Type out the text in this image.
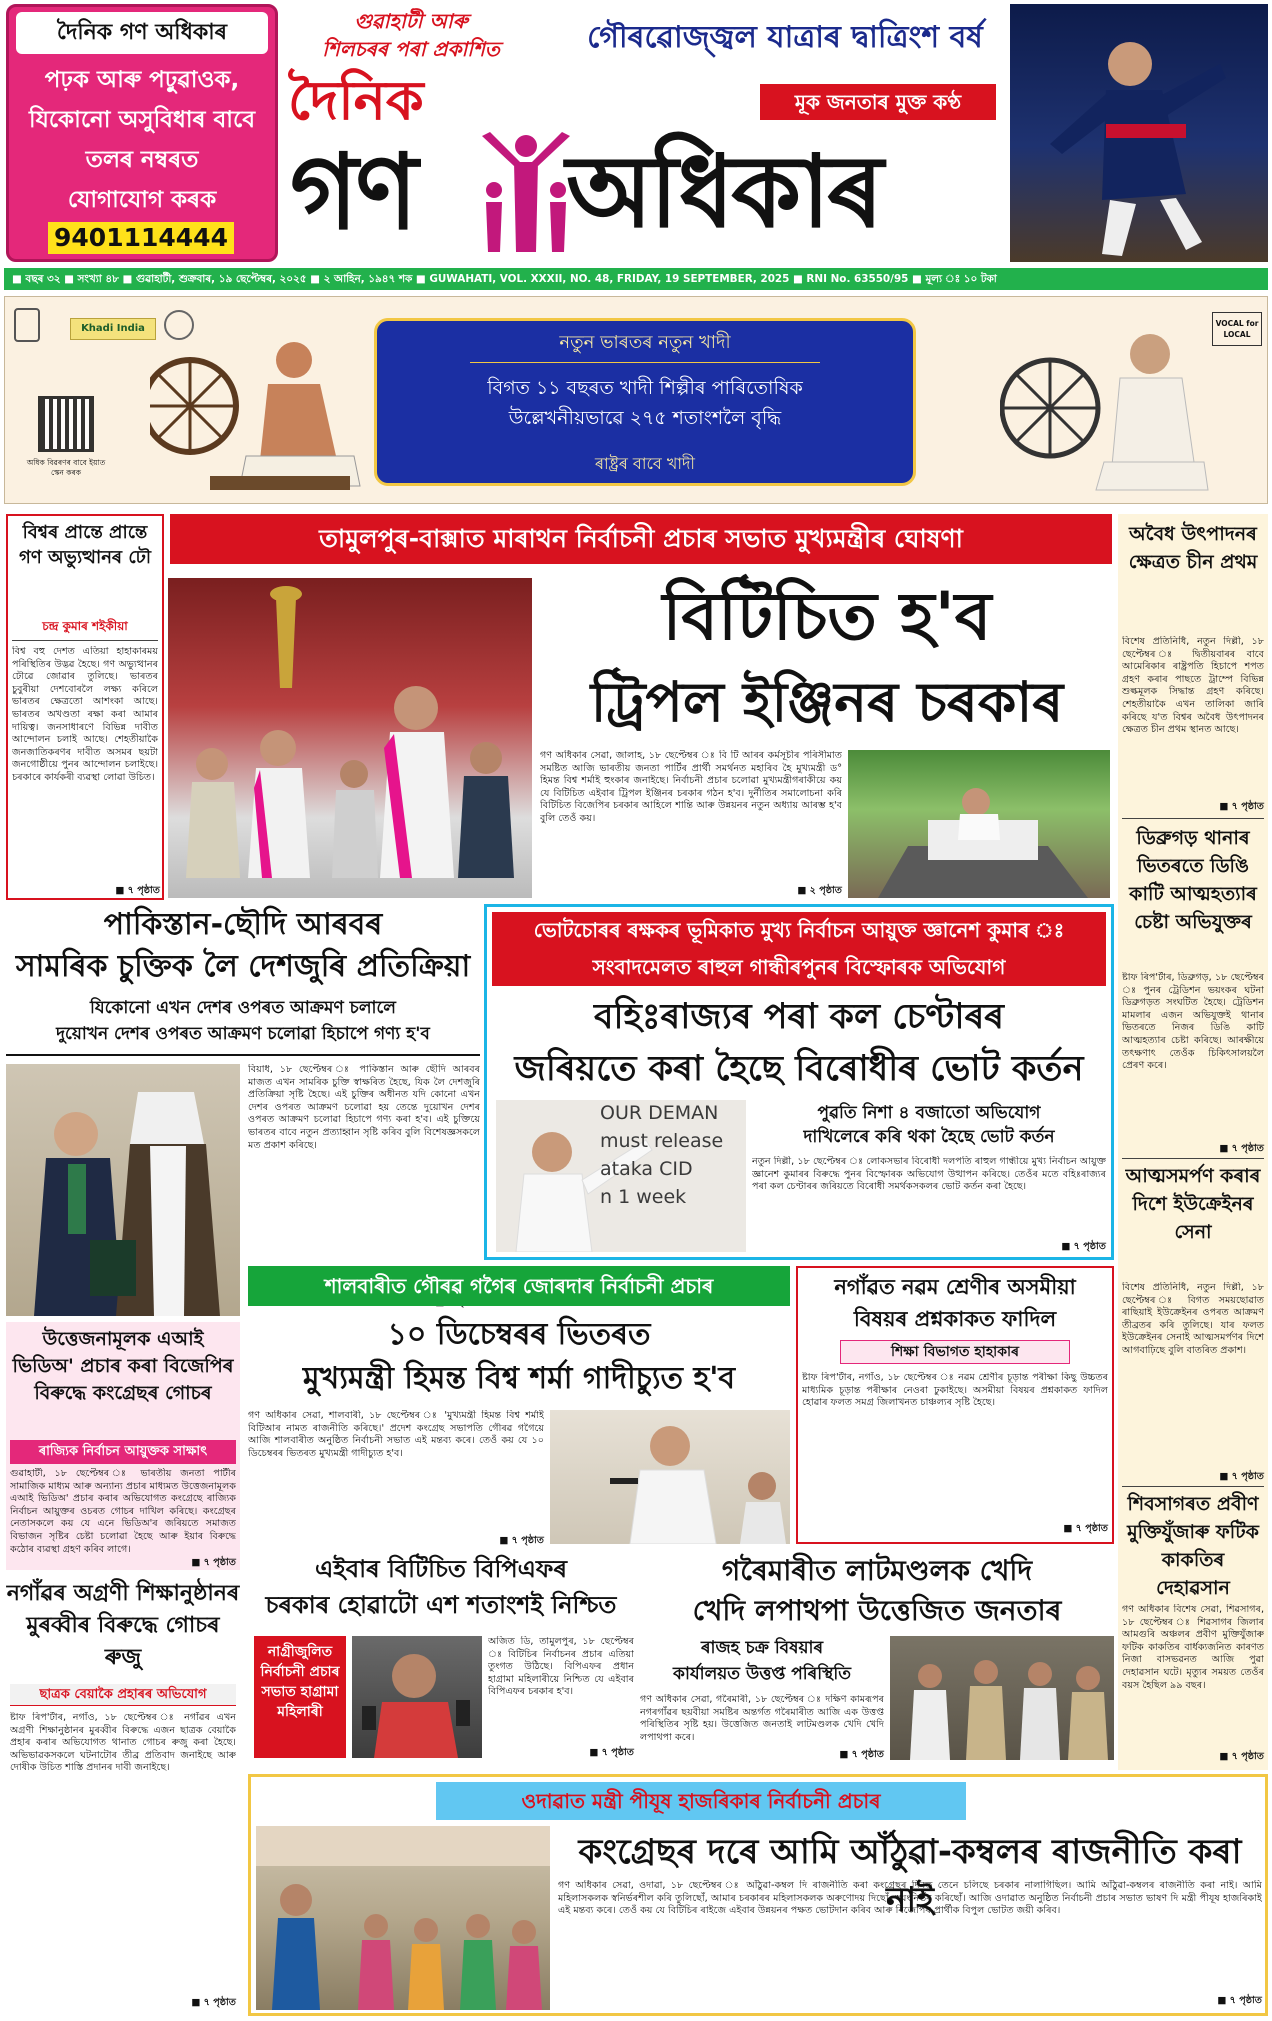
দৈনিক গণ অধিকাৰ
পঢ়ক আৰু পঢ়ুৱাওক,
যিকোনো অসুবিধাৰ বাবে
তলৰ নম্বৰত
যোগাযোগ কৰক
9401114444
গুৱাহাটী আৰু
শিলচৰৰ পৰা প্ৰকাশিত	গৌৰৱোজ্জ্বল যাত্ৰাৰ দ্বাত্ৰিংশ বৰ্ষ
দৈনিক	মূক জনতাৰ মুক্ত কণ্ঠ
গণ	অধিকাৰ
■ বছৰ ৩২ ■ সংখ্যা ৪৮ ■ গুৱাহাটী, শুক্ৰবাৰ, ১৯ ছেপ্টেম্বৰ, ২০২৫ ■ ২ আহিন, ১৯৪৭ শক ■ GUWAHATI, VOL. XXXII, NO. 48, FRIDAY, 19 SEPTEMBER, 2025 ■ RNI No. 63550/95 ■ মূল্য ঃ ১০ টকা
Khadi India
অধিক বিৱৰণৰ বাবে ইয়াত স্কেন কৰক
নতুন ভাৰতৰ নতুন খাদী
বিগত ১১ বছৰত খাদী শিল্পীৰ পাৰিতোষিক
উল্লেখনীয়ভাৱে ২৭৫ শতাংশলৈ বৃদ্ধি
ৰাষ্ট্ৰৰ বাবে খাদী
VOCAL for LOCAL
বিশ্বৰ প্ৰান্তে প্ৰান্তে গণ অভ্যুত্থানৰ ঢৌ
চন্দ্ৰ কুমাৰ শইকীয়া

বিশ্ব বহু দেশত এতিয়া হাহাকাৰময় পৰিস্থিতিৰ উদ্ভৱ হৈছে। গণ অভ্যুত্থানৰ ঢৌৱে জোৱাৰ তুলিছে। ভাৰতৰ চুবুৰীয়া দেশবোৰলৈ লক্ষ্য কৰিলে ভাৰতৰ ক্ষেত্ৰতো আশংকা আছে। ভাৰতৰ অখণ্ডতা ৰক্ষা কৰা আমাৰ দায়িত্ব। জনসাধাৰণে বিভিন্ন দাবীত আন্দোলন চলাই আছে। শেহতীয়াকৈ জনজাতিকৰণৰ দাবীত অসমৰ ছয়টা জনগোষ্ঠীয়ে পুনৰ আন্দোলন চলাইছে। চৰকাৰে কাৰ্যকৰী ব্যৱস্থা লোৱা উচিত।

■ ৭ পৃষ্ঠাত
তামুলপুৰ-বাক্সাত মাৰাথন নিৰ্বাচনী প্ৰচাৰ সভাত মুখ্যমন্ত্ৰীৰ ঘোষণা
বিটিচিত হ'ব
ট্ৰিপল ইঞ্জিনৰ চৰকাৰ

গণ অধিকাৰ সেৱা, জালাহ, ১৮ ছেপ্টেম্বৰ ঃ বি টি আৰৰ কৰ্মসূচীৰ পৰিসীমাত সমষ্টিত আজি ভাৰতীয় জনতা পাৰ্টিৰ প্ৰাৰ্থী সমৰ্থনত মহাৰিব হৈ মুখ্যমন্ত্ৰী ড° হিমন্ত বিশ্ব শৰ্মাই হুংকাৰ জনাইছে। নিৰ্বাচনী প্ৰচাৰ চলোৱা মুখ্যমন্ত্ৰীগৰাকীয়ে কয় যে বিটিচিত এইবাৰ ট্ৰিপল ইঞ্জিনৰ চৰকাৰ গঠন হ'ব। দুৰ্নীতিৰ সমালোচনা কৰি বিটিচিত বিজেপিৰ চৰকাৰ আহিলে শান্তি আৰু উন্নয়নৰ নতুন অধ্যায় আৰম্ভ হ'ব বুলি তেওঁ কয়।

■ ২ পৃষ্ঠাত
অবৈধ উৎপাদনৰ ক্ষেত্ৰত চীন প্ৰথম

বিশেষ প্ৰতিনিধি, নতুন দিল্লী, ১৮ ছেপ্টেম্বৰ ঃ দ্বিতীয়বাৰৰ বাবে আমেৰিকাৰ ৰাষ্ট্ৰপতি হিচাপে শপত গ্ৰহণ কৰাৰ পাছতে ট্ৰাম্পে বিভিন্ন শুল্কমূলক সিদ্ধান্ত গ্ৰহণ কৰিছে। শেহতীয়াকৈ এখন তালিকা জাৰি কৰিছে য'ত বিশ্বৰ অবৈধ উৎপাদনৰ ক্ষেত্ৰত চীন প্ৰথম স্থানত আছে।

■ ৭ পৃষ্ঠাত
ডিব্ৰুগড় থানাৰ ভিতৰতে ডিঙি কাটি আত্মহত্যাৰ চেষ্টা অভিযুক্তৰ

ষ্টাফ ৰিপ'ৰ্টাৰ, ডিব্ৰুগড়, ১৮ ছেপ্টেম্বৰ ঃ পুনৰ ট্ৰেডিশন ভয়ংকৰ ঘটনা ডিব্ৰুগড়ত সংঘটিত হৈছে। ট্ৰেডিশন মামলাৰ এজন অভিযুক্তই থানাৰ ভিতৰতে নিজৰ ডিঙি কাটি আত্মহত্যাৰ চেষ্টা কৰিছে। আৰক্ষীয়ে তৎক্ষণাৎ তেওঁক চিকিৎসালয়লৈ প্ৰেৰণ কৰে।

■ ৭ পৃষ্ঠাত
আত্মসমৰ্পণ কৰাৰ দিশে ইউক্ৰেইনৰ সেনা

বিশেষ প্ৰতিনিধি, নতুন দিল্লী, ১৮ ছেপ্টেম্বৰ ঃ বিগত সময়ছোৱাত ৰাছিয়াই ইউক্ৰেইনৰ ওপৰত আক্ৰমণ তীব্ৰতৰ কৰি তুলিছে। যাৰ ফলত ইউক্ৰেইনৰ সেনাই আত্মসমৰ্পণৰ দিশে আগবাঢ়িছে বুলি বাতৰিত প্ৰকাশ।

■ ৭ পৃষ্ঠাত
শিবসাগৰত প্ৰবীণ মুক্তিযুঁজাৰু ফটিক কাকতিৰ দেহাৱসান

গণ অধিকাৰ বিশেষ সেৱা, শিৱসাগৰ, ১৮ ছেপ্টেম্বৰ ঃ শিৱসাগৰ জিলাৰ আমগুৰি অঞ্চলৰ প্ৰবীণ মুক্তিযুঁজাৰু ফটিক কাকতিৰ বাৰ্ধক্যজনিত কাৰণত নিজা বাসভৱনত আজি পুৱা দেহাৱসান ঘটে। মৃত্যুৰ সময়ত তেওঁৰ বয়স হৈছিল ৯৯ বছৰ।

■ ৭ পৃষ্ঠাত
পাকিস্তান-ছৌদি আৰবৰ
সামৰিক চুক্তিক লৈ দেশজুৰি প্ৰতিক্ৰিয়া
যিকোনো এখন দেশৰ ওপৰত আক্ৰমণ চলালে
দুয়োখন দেশৰ ওপৰত আক্ৰমণ চলোৱা হিচাপে গণ্য হ'ব

বিয়াধ, ১৮ ছেপ্টেম্বৰ ঃ পাকিস্তান আৰু ছৌদি আৰবৰ মাজত এখন সামৰিক চুক্তি স্বাক্ষৰিত হৈছে, যিক লৈ দেশজুৰি প্ৰতিক্ৰিয়া সৃষ্টি হৈছে। এই চুক্তিৰ অধীনত যদি কোনো এখন দেশৰ ওপৰত আক্ৰমণ চলোৱা হয় তেন্তে দুয়োখন দেশৰ ওপৰত আক্ৰমণ চলোৱা হিচাপে গণ্য কৰা হ'ব। এই চুক্তিয়ে ভাৰতৰ বাবে নতুন প্ৰত্যাহ্বান সৃষ্টি কৰিব বুলি বিশেষজ্ঞসকলে মত প্ৰকাশ কৰিছে।

ভোটচোৰৰ ৰক্ষকৰ ভূমিকাত মুখ্য নিৰ্বাচন আয়ুক্ত জ্ঞানেশ কুমাৰ ঃ সংবাদমেলত ৰাহুল গান্ধীৰপুনৰ বিস্ফোৰক অভিযোগ
বহিঃৰাজ্যৰ পৰা কল চেণ্টাৰৰ
জৰিয়তে কৰা হৈছে বিৰোধীৰ ভোট কৰ্তন
OUR DEMAN
must release
ataka CID
n 1 week
পুৱতি নিশা ৪ বজাতো অভিযোগ
দাখিলেৰে কৰি থকা হৈছে ভোট কৰ্তন

নতুন দিল্লী, ১৮ ছেপ্টেম্বৰ ঃ লোকসভাৰ বিৰোধী দলপতি ৰাহুল গান্ধীয়ে মুখ্য নিৰ্বাচন আয়ুক্ত জ্ঞানেশ কুমাৰৰ বিৰুদ্ধে পুনৰ বিস্ফোৰক অভিযোগ উত্থাপন কৰিছে। তেওঁৰ মতে বহিঃৰাজ্যৰ পৰা কল চেণ্টাৰৰ জৰিয়তে বিৰোধী সমৰ্থকসকলৰ ভোট কৰ্তন কৰা হৈছে।

■ ৭ পৃষ্ঠাত
উত্তেজনামূলক এআই ভিডিঅ' প্ৰচাৰ কৰা বিজেপিৰ বিৰুদ্ধে কংগ্ৰেছৰ গোচৰ
ৰাজ্যিক নিৰ্বাচন আয়ুক্তক সাক্ষাৎ

গুৱাহাটী, ১৮ ছেপ্টেম্বৰ ঃ ভাৰতীয় জনতা পাৰ্টীৰ সামাজিক মাধ্যম আৰু অন্যান্য প্ৰচাৰ মাধ্যমত উত্তেজনামূলক এআই ভিডিঅ' প্ৰচাৰ কৰাৰ অভিযোগত কংগ্ৰেছে ৰাজ্যিক নিৰ্বাচন আয়ুক্তৰ ওচৰত গোচৰ দাখিল কৰিছে। কংগ্ৰেছৰ নেতাসকলে কয় যে এনে ভিডিঅ'ৰ জৰিয়তে সমাজত বিভাজন সৃষ্টিৰ চেষ্টা চলোৱা হৈছে আৰু ইয়াৰ বিৰুদ্ধে কঠোৰ ব্যৱস্থা গ্ৰহণ কৰিব লাগে।

■ ৭ পৃষ্ঠাত
শালবাৰীত গৌৰৱ গগৈৰ জোৰদাৰ নিৰ্বাচনী প্ৰচাৰ
১০ ডিচেম্বৰৰ ভিতৰত
মুখ্যমন্ত্ৰী হিমন্ত বিশ্ব শৰ্মা গাদীচ্যুত হ'ব

গণ অধিকাৰ সেৱা, শালবাৰী, ১৮ ছেপ্টেম্বৰ ঃ 'মুখ্যমন্ত্ৰী হিমন্ত বিশ্ব শৰ্মাই বিটিআৰ নামত ৰাজনীতি কৰিছে।' প্ৰদেশ কংগ্ৰেছ সভাপতি গৌৰৱ গগৈয়ে আজি শালবাৰীত অনুষ্ঠিত নিৰ্বাচনী সভাত এই মন্তব্য কৰে। তেওঁ কয় যে ১০ ডিচেম্বৰৰ ভিতৰত মুখ্যমন্ত্ৰী গাদীচ্যুত হ'ব।

■ ৭ পৃষ্ঠাত
নগাঁৱত নৱম শ্ৰেণীৰ অসমীয়া
বিষয়ৰ প্ৰশ্নকাকত ফাদিল
শিক্ষা বিভাগত হাহাকাৰ

ষ্টাফ ৰিপ'ৰ্টাৰ, নগাঁও, ১৮ ছেপ্টেম্বৰ ঃ নৱম শ্ৰেণীৰ চূড়ান্ত পৰীক্ষা কিছু উচ্চতৰ মাধ্যমিক চূড়ান্ত পৰীক্ষাৰ নেওৰা ঢুকাইছে। অসমীয়া বিষয়ৰ প্ৰশ্নকাকত ফাদিল হোৱাৰ ফলত সমগ্ৰ জিলাখনত চাঞ্চল্যৰ সৃষ্টি হৈছে।

■ ৭ পৃষ্ঠাত
নগাঁৱৰ অগ্ৰণী শিক্ষানুষ্ঠানৰ মুৰব্বীৰ বিৰুদ্ধে গোচৰ ৰুজু
ছাত্ৰক বেয়াকৈ প্ৰহাৰৰ অভিযোগ

ষ্টাফ ৰিপ'ৰ্টাৰ, নগাঁও, ১৮ ছেপ্টেম্বৰ ঃ নগাঁৱৰ এখন অগ্ৰণী শিক্ষানুষ্ঠানৰ মুৰব্বীৰ বিৰুদ্ধে এজন ছাত্ৰক বেয়াকৈ প্ৰহাৰ কৰাৰ অভিযোগত থানাত গোচৰ ৰুজু কৰা হৈছে। অভিভাৱকসকলে ঘটনাটোৰ তীব্ৰ প্ৰতিবাদ জনাইছে আৰু দোষীক উচিত শাস্তি প্ৰদানৰ দাবী জনাইছে।

■ ৭ পৃষ্ঠাত
এইবাৰ বিটিচিত বিপিএফৰ
চৰকাৰ হোৱাটো এশ শতাংশই নিশ্চিত
নাগ্ৰীজুলিত নিৰ্বাচনী প্ৰচাৰ সভাত হাগ্ৰামা মহিলাৰী

অজিত ডি, তামুলপুৰ, ১৮ ছেপ্টেম্বৰ ঃ বিটিচিৰ নিৰ্বাচনৰ প্ৰচাৰ এতিয়া তুংগত উঠিছে। বিপিএফৰ প্ৰধান হাগ্ৰামা মহিলাৰীয়ে নিশ্চিত যে এইবাৰ বিপিএফৰ চৰকাৰ হ'ব।

■ ৭ পৃষ্ঠাত
গৰৈমাৰীত লাটমণ্ডলক খেদি
খেদি লপাথপা উত্তেজিত জনতাৰ
ৰাজহ চক্ৰ বিষয়াৰ
কাৰ্যালয়ত উত্তপ্ত পৰিস্থিতি

গণ অধিকাৰ সেৱা, গৰৈমাৰী, ১৮ ছেপ্টেম্বৰ ঃ দক্ষিণ কামৰূপৰ নগৰগাঁৱৰ ছয়বীয়া সমষ্টিৰ অন্তৰ্গত গৰৈমাৰীত আজি এক উত্তপ্ত পৰিস্থিতিৰ সৃষ্টি হয়। উত্তেজিত জনতাই লাটমণ্ডলক খেদি খেদি লপাথপা কৰে।

■ ৭ পৃষ্ঠাত
ওদাৱাত মন্ত্ৰী পীযূষ হাজৰিকাৰ নিৰ্বাচনী প্ৰচাৰ
কংগ্ৰেছৰ দৰে আমি আঁঠুৱা-কম্বলৰ ৰাজনীতি কৰা নাই

গণ অধিকাৰ সেৱা, ওদাৱা, ১৮ ছেপ্টেম্বৰ ঃ আঁঠুৱা-কম্বল দি ৰাজনীতি কৰা কংগ্ৰেছৰ দিনত তেনে চলিছে চৰকাৰ নালাগিছিল। আমি আঁঠুৱা-কম্বলৰ ৰাজনীতি কৰা নাই। আমি মহিলাসকলক স্বনিৰ্ভৰশীল কৰি তুলিছোঁ, আমাৰ চৰকাৰৰ মহিলাসকলক অৰুণোদয় দিছোঁ, স্বয়ংনিৰ্ভৰ কৰিছোঁ। আজি ওদাৱাত অনুষ্ঠিত নিৰ্বাচনী প্ৰচাৰ সভাত ভাষণ দি মন্ত্ৰী পীযূষ হাজৰিকাই এই মন্তব্য কৰে। তেওঁ কয় যে বিটিচিৰ ৰাইজে এইবাৰ উন্নয়নৰ পক্ষত ভোটদান কৰিব আৰু বিজেপিৰ প্ৰাৰ্থীক বিপুল ভোটত জয়ী কৰিব।

■ ৭ পৃষ্ঠাত
